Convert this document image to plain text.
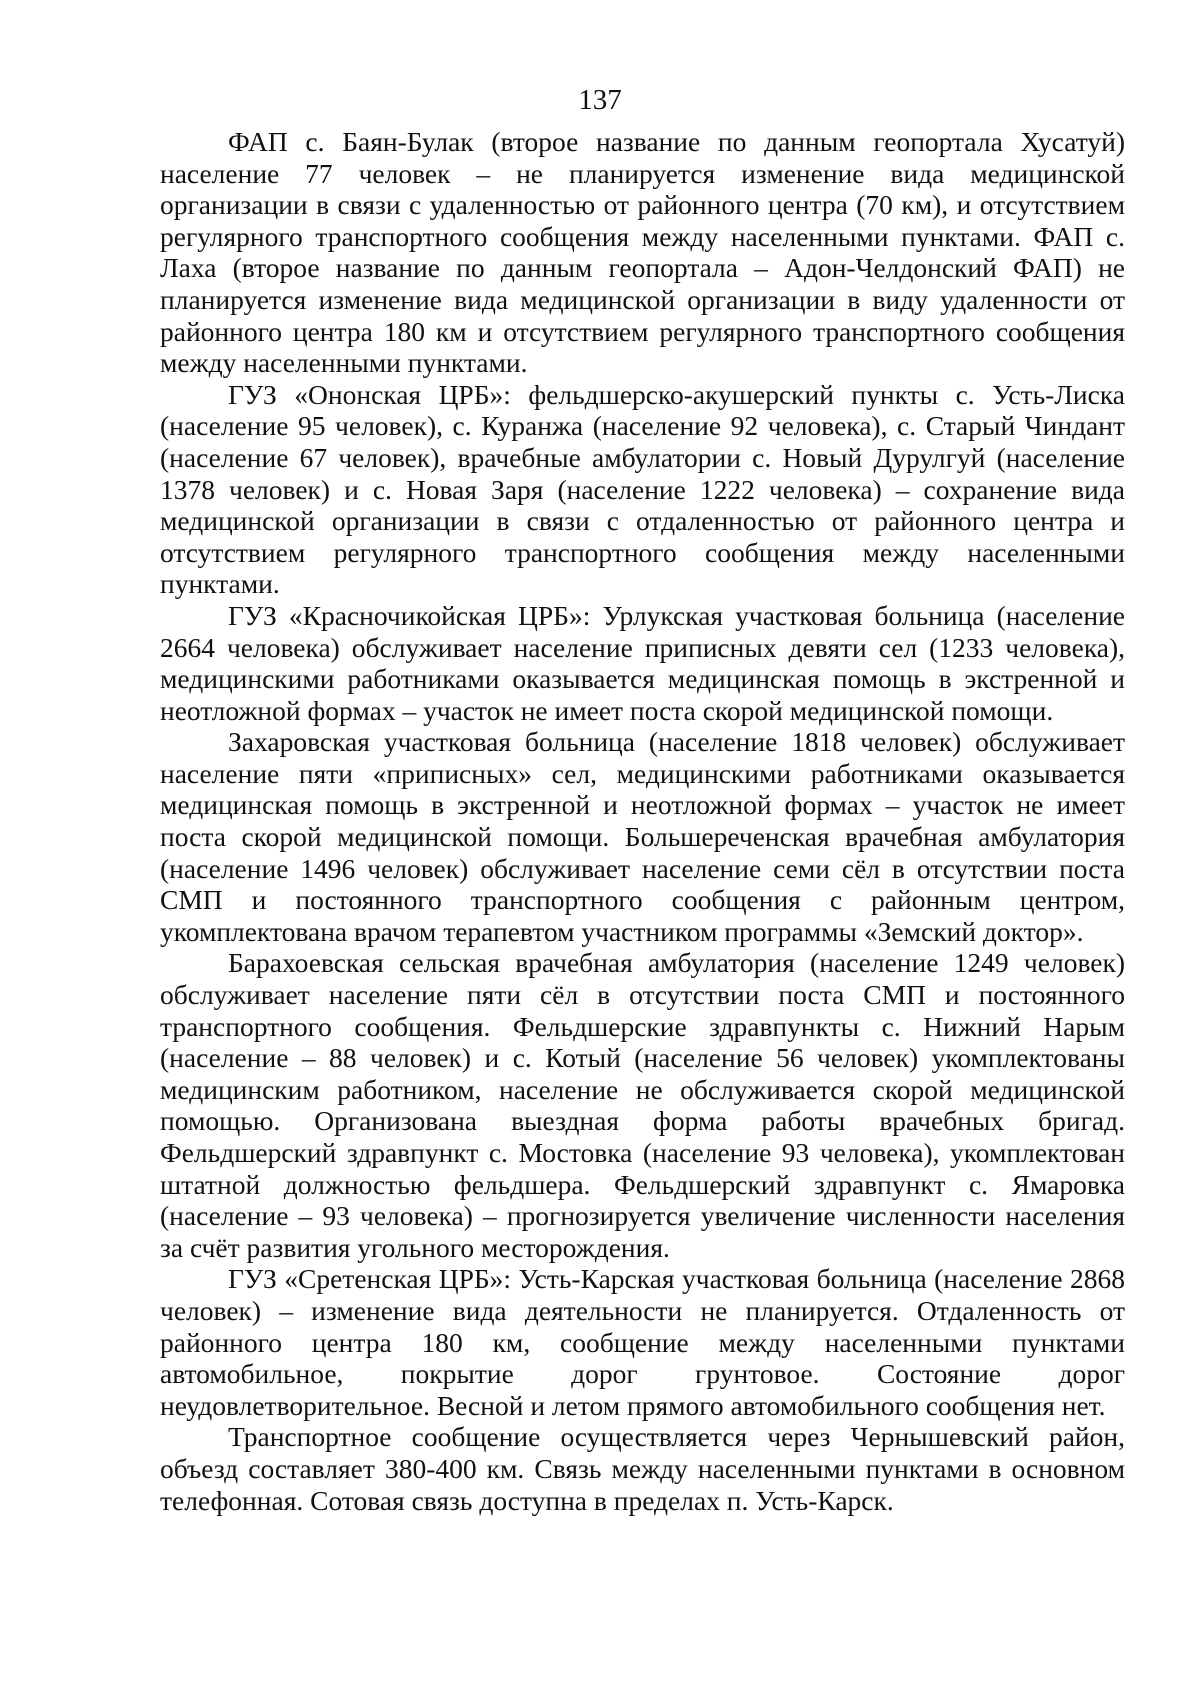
137

ФАП с. Баян-Булак (второе название по данным геопортала Хусатуй) население 77 человек – не планируется изменение вида медицинской организации в связи с удаленностью от районного центра (70 км), и отсутствием регулярного транспортного сообщения между населенными пунктами. ФАП с. Лаха (второе название по данным геопортала – Адон-Челдонский ФАП) не планируется изменение вида медицинской организации в виду удаленности от районного центра 180 км и отсутствием регулярного транспортного сообщения между населенными пунктами.

ГУЗ «Ононская ЦРБ»: фельдшерско-акушерский пункты с. Усть-Лиска (население 95 человек), с. Куранжа (население 92 человека), с. Старый Чиндант (население 67 человек), врачебные амбулатории с. Новый Дурулгуй (население 1378 человек) и с. Новая Заря (население 1222 человека) – сохранение вида медицинской организации в связи с отдаленностью от районного центра и отсутствием регулярного транспортного сообщения между населенными пунктами.

ГУЗ «Красночикойская ЦРБ»: Урлукская участковая больница (население 2664 человека) обслуживает население приписных девяти сел (1233 человека), медицинскими работниками оказывается медицинская помощь в экстренной и неотложной формах – участок не имеет поста скорой медицинской помощи.

Захаровская участковая больница (население 1818 человек) обслуживает население пяти «приписных» сел, медицинскими работниками оказывается медицинская помощь в экстренной и неотложной формах – участок не имеет поста скорой медицинской помощи. Большереченская врачебная амбулатория (население 1496 человек) обслуживает население семи сёл в отсутствии поста СМП и постоянного транспортного сообщения с районным центром, укомплектована врачом терапевтом участником программы «Земский доктор».

Барахоевская сельская врачебная амбулатория (население 1249 человек) обслуживает население пяти сёл в отсутствии поста СМП и постоянного транспортного сообщения. Фельдшерские здравпункты с. Нижний Нарым (население – 88 человек) и с. Котый (население 56 человек) укомплектованы медицинским работником, население не обслуживается скорой медицинской помощью. Организована выездная форма работы врачебных бригад. Фельдшерский здравпункт с. Мостовка (население 93 человека), укомплектован штатной должностью фельдшера. Фельдшерский здравпункт с. Ямаровка (население – 93 человека) – прогнозируется увеличение численности населения за счёт развития угольного месторождения.

ГУЗ «Сретенская ЦРБ»: Усть-Карская участковая больница (население 2868 человек) – изменение вида деятельности не планируется. Отдаленность от районного центра 180 км, сообщение между населенными пунктами автомобильное, покрытие дорог грунтовое. Состояние дорог неудовлетворительное. Весной и летом прямого автомобильного сообщения нет.

Транспортное сообщение осуществляется через Чернышевский район, объезд составляет 380-400 км. Связь между населенными пунктами в основном телефонная. Сотовая связь доступна в пределах п. Усть-Карск.
